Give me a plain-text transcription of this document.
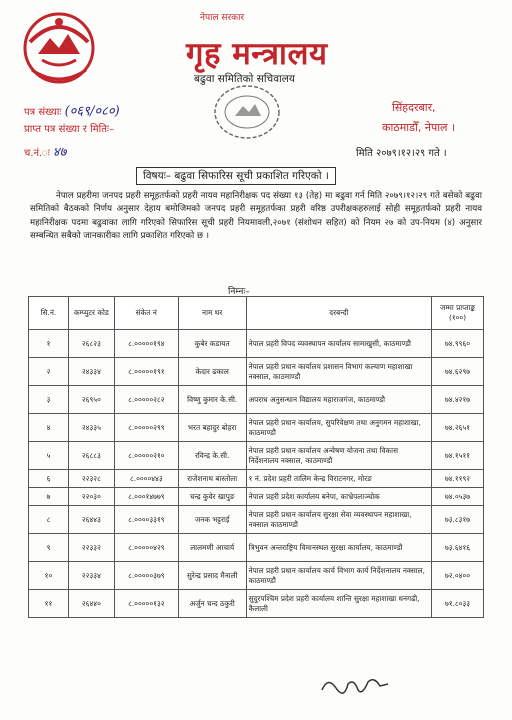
नेपाल सरकार
गृह मन्त्रालय
बढुवा समितिको सचिवालय
पत्र संख्याः (०६९/०८०)
प्राप्त पत्र संख्या र मितिः–
च.नं.ः ४७
सिंहदरबार,
काठमाडौँ, नेपाल ।
मिति २०७९।१२।२९ गते ।
विषयः– बढुवा सिफारिस सूची प्रकाशित गरिएको ।
नेपाल प्रहरीमा जनपद प्रहरी समूहतर्फको प्रहरी नायव महानिरीक्षक पद संख्या १३ (तेह) मा बढुवा गर्न मिति २०७९।१२।२९ गते बसेको बढुवा समितिको बैठकको निर्णय अनुसार देहाय बमोजिमको जनपद प्रहरी समूहतर्फका प्रहरी वरिष्ठ उपरीक्षकहरुलाई सोही समूहतर्फको प्रहरी नायव महानिरीक्षक पदमा बढुवाका लागि गरिएको सिफारिस सूची प्रहरी नियमावली,२०७१ (संशोधन सहित) को नियम २७ को उप-नियम (४) अनुसार सम्बन्धित सबैको जानकारीका लागि प्रकाशित गरिएको छ ।
निम्नः–
सि.नं.	कम्प्युटर कोड	संकेत नं	नाम थर	दरबन्दी	जम्मा प्राप्ताङ्क (१००)
१	२६८२३	८.०००००१९४	कुबेर कडायत	नेपाल प्रहरी विपद व्यवस्थापन कार्यालय सामाखुसी, काठमाण्डौ	७४.९९६०
२	२४३३४	८.०००००१९१	केदार ढकाल	नेपाल प्रहरी प्रधान कार्यालय प्रशासन विभाग कल्याण महाशाखा नक्साल, काठमाण्डौ	७४.६२९७
३	२६९५०	८.०००००२८२	विष्णु कुमार के.सी.	अपराध अनुसन्धान विद्यालय महाराजगंज, काठमाण्डौ	७४.४२१७
४	२४३३५	८.०००००२९९	भरत बहादुर बोहरा	नेपाल प्रहरी प्रधान कार्यालय, सुपरिवेक्षण तथा अनुगमन महाशाखा, काठमाण्डौ	७४.२६५१
५	२६८८३	८.०००००२१०	रविन्द्र के.सी.	नेपाल प्रहरी प्रधान कार्यालय अन्वेषण योजना तथा विकास निर्देशनालय नक्साल, काठमाण्डौ	७४.१५११
६	२२३२८	८.००००४४३	राजेशनाथ बास्तोला	१ नं. प्रदेश प्रहरी तालिम केन्द्र विराटनगर, मोरङ	७४.११९२
७	२२०३०	८.०००१४७७९	चन्द्र कुवेर खापुङ	नेपाल प्रहरी प्रदेश कार्यालय बनेपा, काभ्रेपलाञ्चोक	७४.०५३७
८	२६४४३	८.००००३३१९	जनक भट्टराई	नेपाल प्रहरी प्रधान कार्यालय सुरक्षा सेवा व्यवस्थापन महाशाखा, नक्साल काठमाण्डौ	७३.८३१७
९	२२३३२	८.०००००४२९	लालमणी आचार्य	त्रिभुवन अन्तराष्ट्रिय विमानस्थल सुरक्षा कार्यालय, काठमाण्डौ	७३.६४१६
१०	२२३३४	८.०००००३७९	सुरेन्द्र प्रसाद मैनाली	नेपाल प्रहरी प्रधान कार्यालय कार्य विभाग कार्य निर्देशनालय नक्साल, काठमाण्डौ	७२.०४००
११	२६४४०	८.०००००१३२	अर्जुन चन्द ठकुरी	सुदुरपश्चिम प्रदेश प्रहरी कार्यालय शान्ति सुरक्षा महाशाखा धनगढी, कैलाली	७१.८०३३
